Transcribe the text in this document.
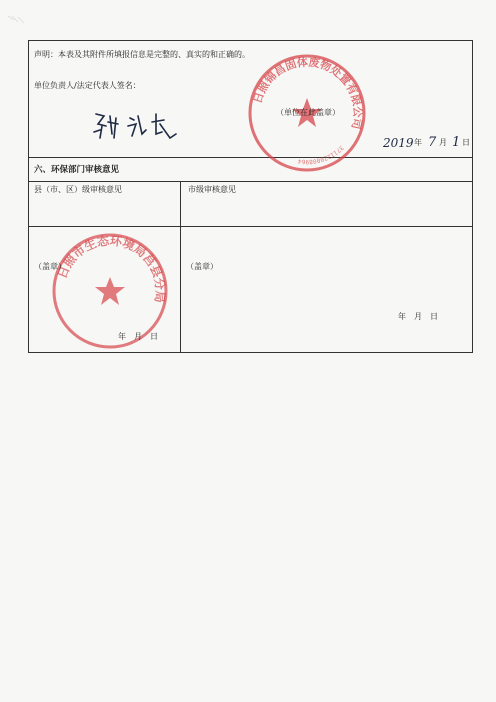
声明：本表及其附件所填报信息是完整的、真实的和正确的。
单位负责人/法定代表人签名：
日照锦昌固体废物处置有限公司
3711220008964
（单位在此盖章）
2019 年 7 月 1 日
六、环保部门审核意见
县（市、区）级审核意见	市级审核意见
日照市生态环境局莒县分局
（盖章）
年　月　日
（盖章）
年　月　日
